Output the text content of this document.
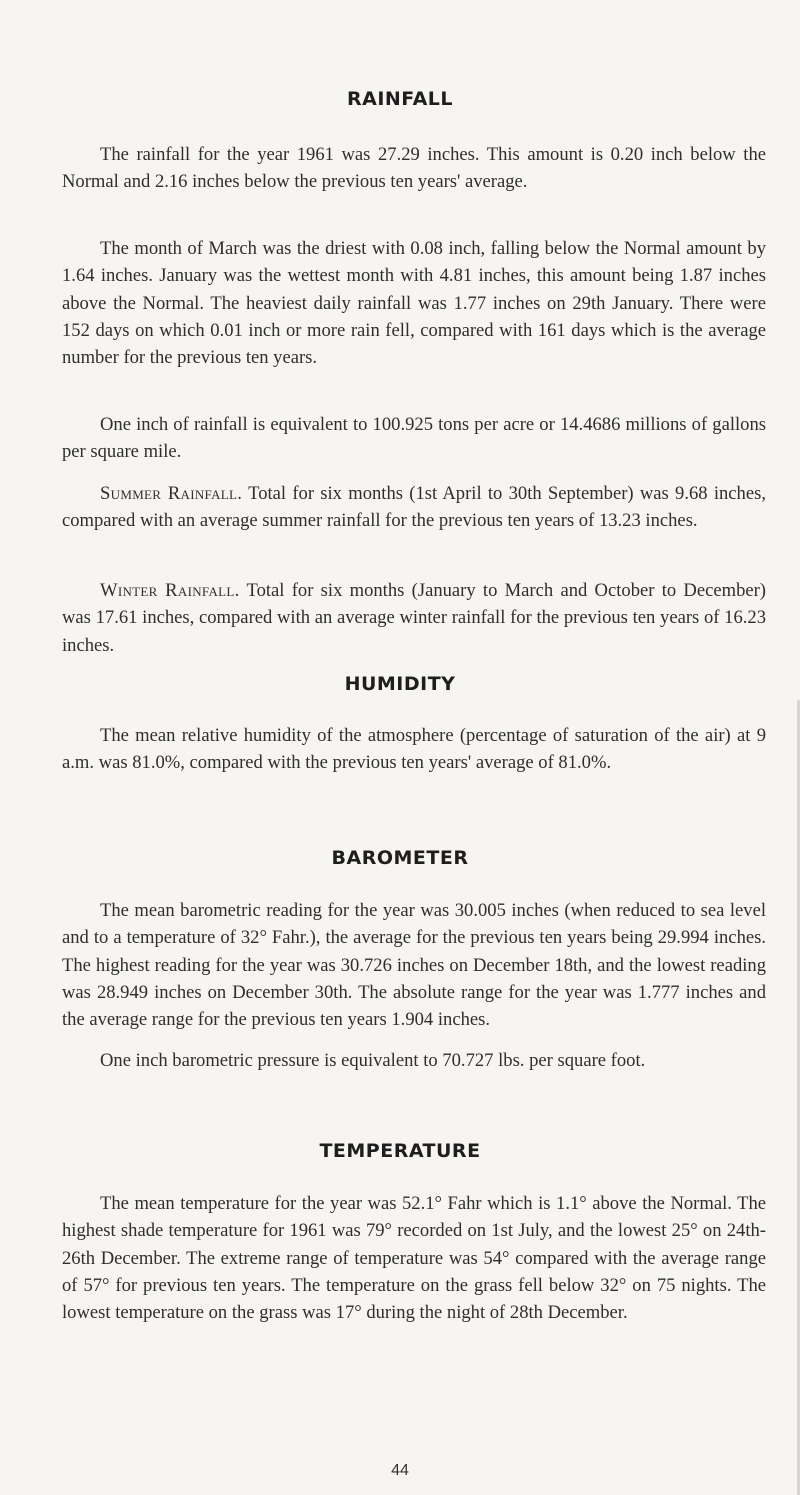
RAINFALL

The rainfall for the year 1961 was 27.29 inches. This amount is 0.20 inch below the Normal and 2.16 inches below the previous ten years' average.

The month of March was the driest with 0.08 inch, falling below the Normal amount by 1.64 inches. January was the wettest month with 4.81 inches, this amount being 1.87 inches above the Normal. The heaviest daily rainfall was 1.77 inches on 29th January. There were 152 days on which 0.01 inch or more rain fell, compared with 161 days which is the average number for the previous ten years.

One inch of rainfall is equivalent to 100.925 tons per acre or 14.4686 millions of gallons per square mile.

Summer Rainfall. Total for six months (1st April to 30th September) was 9.68 inches, compared with an average summer rainfall for the previous ten years of 13.23 inches.

Winter Rainfall. Total for six months (January to March and October to December) was 17.61 inches, compared with an average winter rainfall for the previous ten years of 16.23 inches.

HUMIDITY

The mean relative humidity of the atmosphere (percentage of saturation of the air) at 9 a.m. was 81.0%, compared with the previous ten years' average of 81.0%.

BAROMETER

The mean barometric reading for the year was 30.005 inches (when reduced to sea level and to a temperature of 32° Fahr.), the average for the previous ten years being 29.994 inches. The highest reading for the year was 30.726 inches on December 18th, and the lowest reading was 28.949 inches on December 30th. The absolute range for the year was 1.777 inches and the average range for the previous ten years 1.904 inches.

One inch barometric pressure is equivalent to 70.727 lbs. per square foot.

TEMPERATURE

The mean temperature for the year was 52.1° Fahr which is 1.1° above the Normal. The highest shade temperature for 1961 was 79° recorded on 1st July, and the lowest 25° on 24th-26th December. The extreme range of temperature was 54° compared with the average range of 57° for previous ten years. The temperature on the grass fell below 32° on 75 nights. The lowest temperature on the grass was 17° during the night of 28th December.

44
